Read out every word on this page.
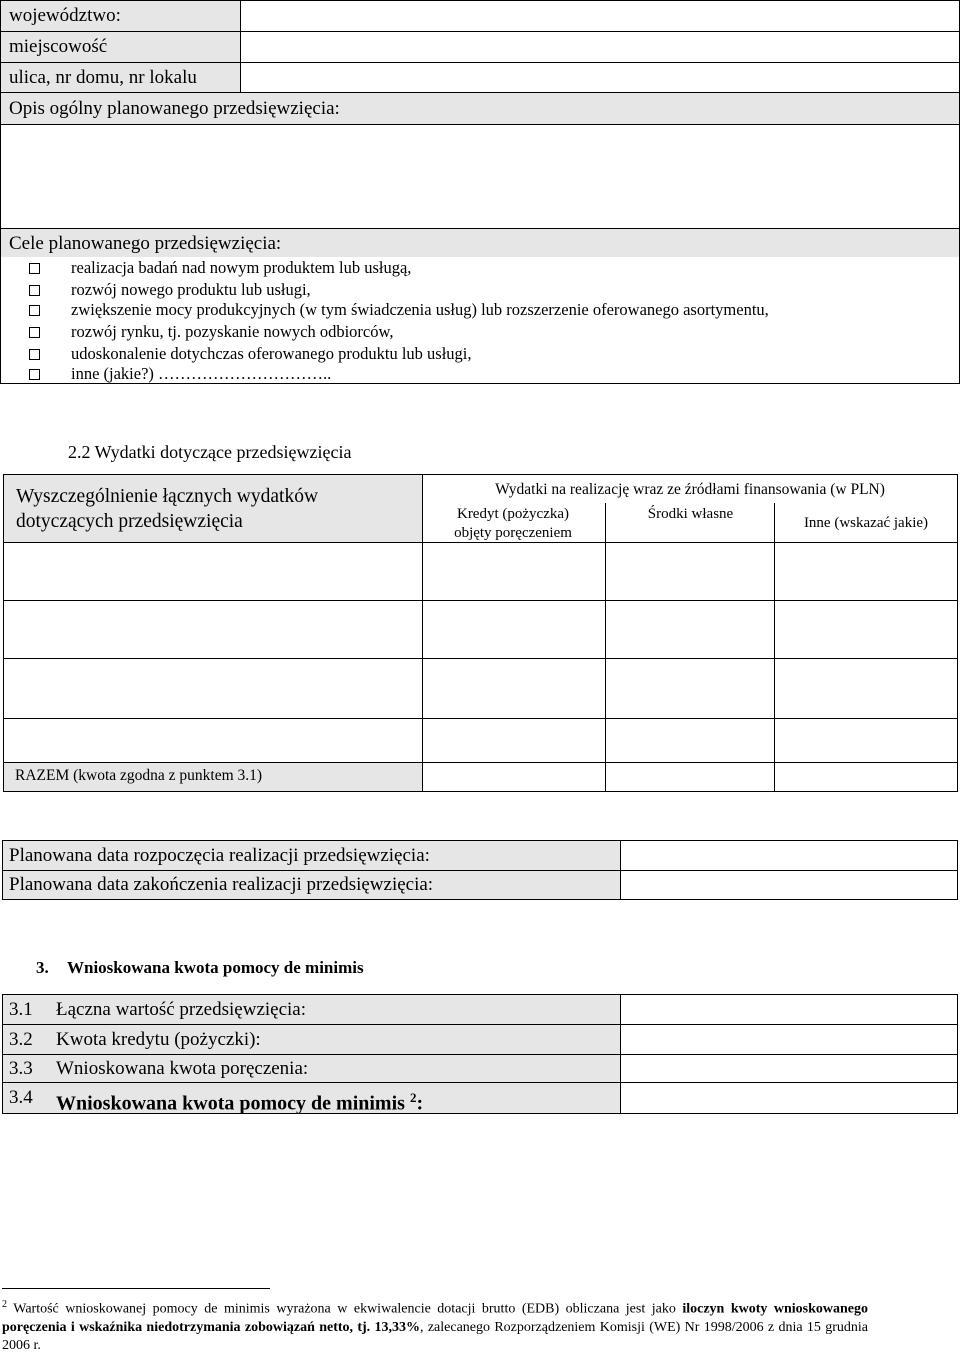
województwo:
miejscowość
ulica, nr domu, nr lokalu
Opis ogólny planowanego przedsięwzięcia:
Cele planowanego przedsięwzięcia:
realizacja badań nad nowym produktem lub usługą,
rozwój nowego produktu lub usługi,
zwiększenie mocy produkcyjnych (w tym świadczenia usług) lub rozszerzenie oferowanego asortymentu,
rozwój rynku, tj. pozyskanie nowych odbiorców,
udoskonalenie dotychczas oferowanego produktu lub usługi,
inne (jakie?) …………………………..
2.2 Wydatki dotyczące przedsięwzięcia
Wyszczególnienie łącznych wydatków dotyczących przedsięwzięcia
Wydatki na realizację wraz ze źródłami finansowania (w PLN)
Kredyt (pożyczka) objęty poręczeniem
Środki własne
Inne (wskazać jakie)
RAZEM (kwota zgodna z punktem 3.1)
Planowana data rozpoczęcia realizacji przedsięwzięcia:
Planowana data zakończenia realizacji przedsięwzięcia:
3. Wnioskowana kwota pomocy de minimis
3.1 Łączna wartość przedsięwzięcia:
3.2 Kwota kredytu (pożyczki):
3.3 Wnioskowana kwota poręczenia:
3.4 Wnioskowana kwota pomocy de minimis $^2$:
$^2$ Wartość wnioskowanej pomocy de minimis wyrażona w ekwiwalencie dotacji brutto (EDB) obliczana jest jako iloczyn kwoty wnioskowanego poręczenia i wskaźnika niedotrzymania zobowiązań netto, tj. 13,33%, zalecanego Rozporządzeniem Komisji (WE) Nr 1998/2006 z dnia 15 grudnia 2006 r.
